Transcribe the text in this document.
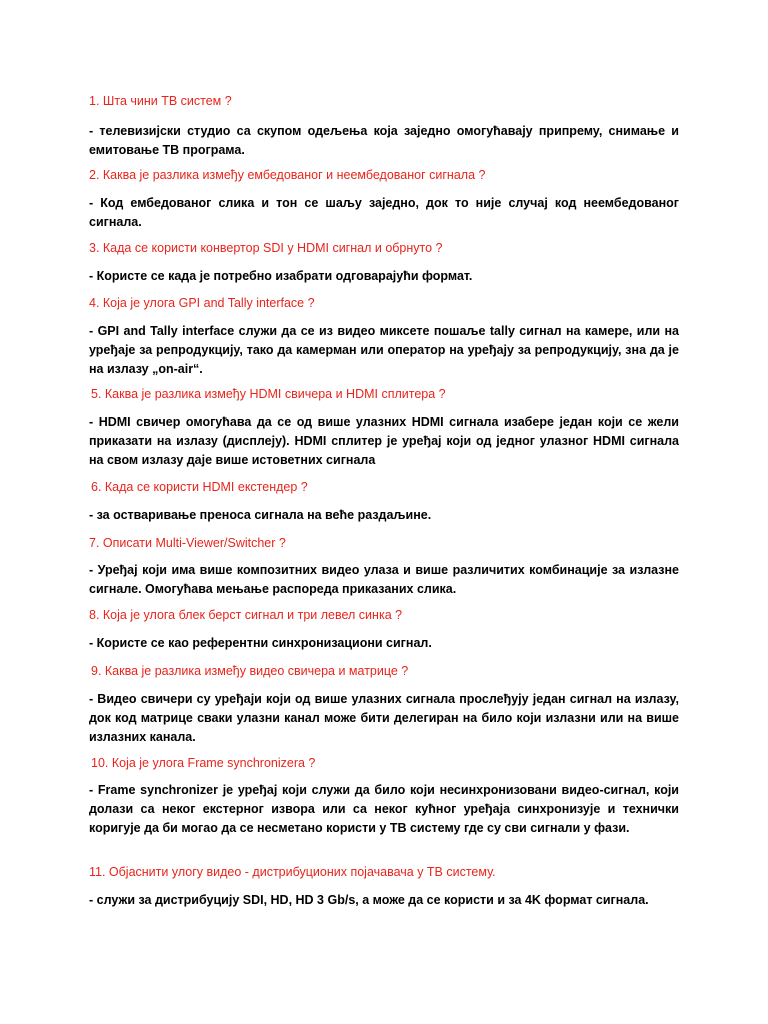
1. Шта чини ТВ систем ?
- телевизијски студио са скупом одељења која заједно омогућавају припрему, снимање и емитовање ТВ програма.
2. Каква је разлика између ембедованог и неембедованог сигнала ?
- Код ембедованог слика и тон се шаљу заједно, док то није случај код неембедованог сигнала.
3. Када се користи конвертор SDI у HDMI сигнал и обрнуто ?
- Користе се када је потребно изабрати одговарајући формат.
4. Која је улога GPI and Tally interface ?
- GPI and Tally interface служи да се из видео миксете пошаље tally сигнал на камере, или на уређаје за репродукцију, тако да камерман или оператор на уређају за репродукцију, зна да је на излазу „on-air“.
5. Каква је разлика између HDMI свичера и HDMI сплитера ?
- HDMI свичер омогућава да се од више улазних HDMI сигнала изабере један који се жели приказати на излазу (дисплеју). HDMI сплитер је уређај који од једног улазног HDMI сигнала на свом излазу даје више истоветних сигнала
6. Када се користи HDMI екстендер ?
- за остваривање преноса сигнала на веће раздаљине.
7. Описати Multi-Viewer/Switcher ?
- Уређај који има више композитних видео улаза и више различитих комбинације за излазне сигнале. Омогућава мењање распореда приказаних слика.
8. Која је улога блек берст сигнал и три левел синка ?
- Користе се као референтни синхронизациони сигнал.
9. Каква је разлика између видео свичера и матрице ?
- Видео свичери су уређаји који од више улазних сигнала прослеђују један сигнал на излазу, док код матрице сваки улазни канал може бити делегиран на било који излазни или на више излазних канала.
10. Која је улога Frame synchronizera ?
- Frame synchronizer је уређај који служи да било који несинхронизовани видео-сигнал, који долази са неког екстерног извора или са неког кућног уређаја синхронизује и технички коригује да би могао да се несметано користи у ТВ систему где су сви сигнали у фази.
11. Објаснити улогу видео - дистрибуционих појачавача у ТВ систему.
- служи за дистрибуцију SDI, HD, HD 3 Gb/s, а може да се користи и за 4K формат сигнала.
